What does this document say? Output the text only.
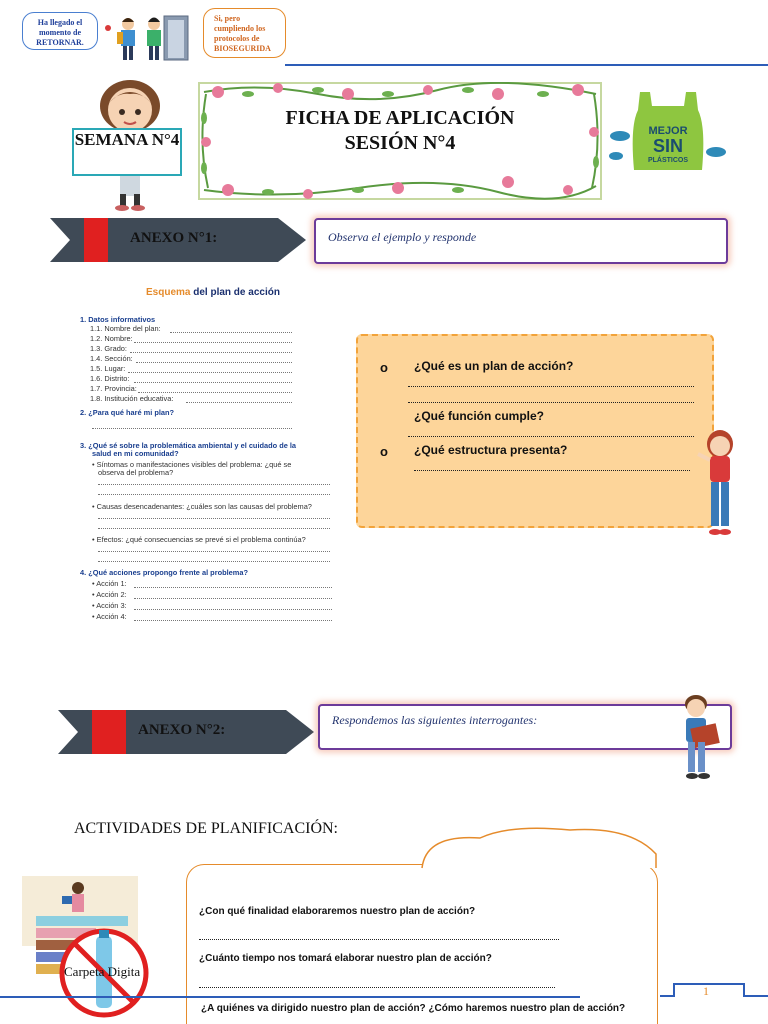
Ha llegado el momento de RETORNAR.
Si, pero cumpliendo los protocolos de BIOSEGURIDA
SEMANA N°4
FICHA DE APLICACIÓN
SESIÓN N°4
MEJOR
SIN
PLÁSTICOS
ANEXO N°1:	Observa el ejemplo y responde
Esquema del plan de acción
1. Datos informativos
1.1. Nombre del plan:
1.2. Nombre:
1.3. Grado:
1.4. Sección:
1.5. Lugar:
1.6. Distrito:
1.7. Provincia:
1.8. Institución educativa:
2. ¿Para qué haré mi plan?
3. ¿Qué sé sobre la problemática ambiental y el cuidado de la
salud en mi comunidad?
• Síntomas o manifestaciones visibles del problema: ¿qué se
observa del problema?
• Causas desencadenantes: ¿cuáles son las causas del problema?
• Efectos: ¿qué consecuencias se prevé si el problema continúa?
4. ¿Qué acciones propongo frente al problema?
• Acción 1:
• Acción 2:
• Acción 3:
• Acción 4:
o ¿Qué es un plan de acción?
¿Qué función cumple?
o ¿Qué estructura presenta?
ANEXO N°2:
Respondemos las siguientes interrogantes:
ACTIVIDADES DE PLANIFICACIÓN:
Carpeta Digita
¿Con qué finalidad elaboraremos nuestro plan de acción?
¿Cuánto tiempo nos tomará elaborar nuestro plan de acción?
¿A quiénes va dirigido nuestro plan de acción? ¿Cómo haremos nuestro plan de acción?
1
